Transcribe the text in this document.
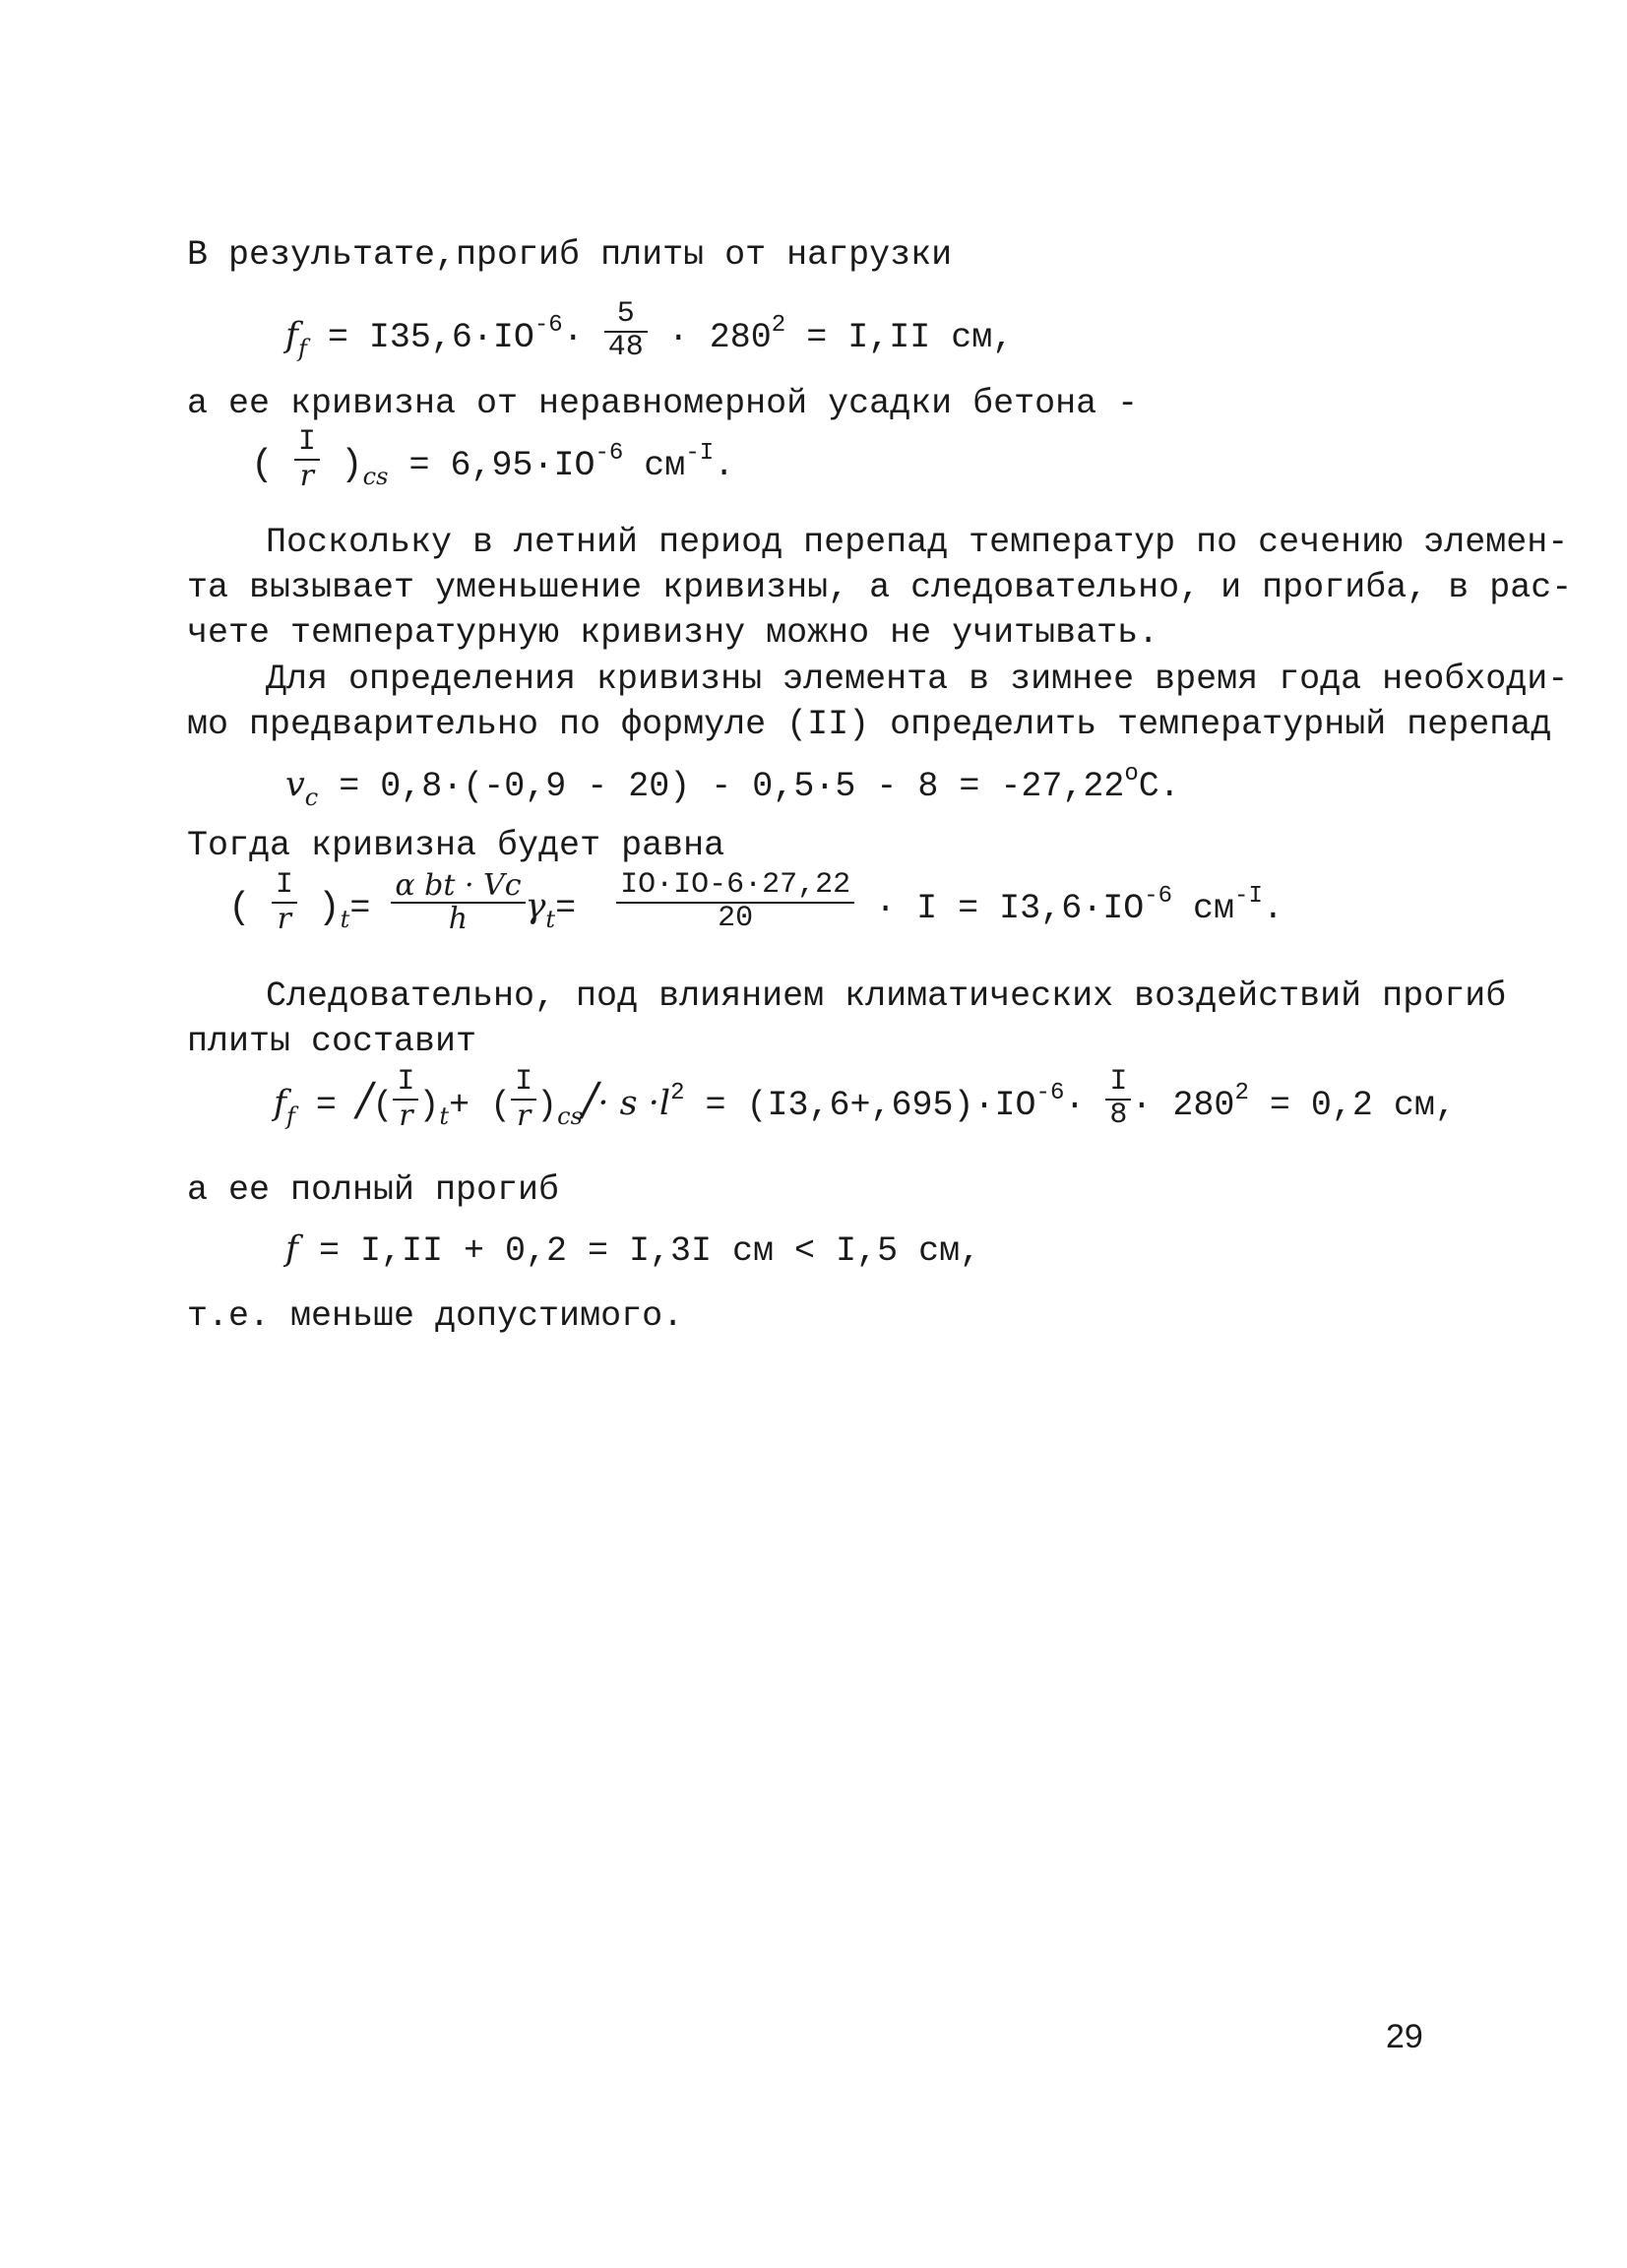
В результате,прогиб плиты от нагрузки
$f_f = I35,6\cdot IO^{-6}\cdot \frac{5}{48} \cdot 280^2 = I,II$ см,
а ее кривизна от неравномерной усадки бетона -
( $\frac{I}{r} )_{cs} = 6,95\cdot IO^{-6}$ $см^{-I}$.
Поскольку в летний период перепад температур по сечению элемен-
та вызывает уменьшение кривизны, а следовательно, и прогиба, в рас-
чете температурную кривизну можно не учитывать.
Для определения кривизны элемента в зимнее время года необходи-
мо предварительно по формуле (II) определить температурный перепад
$v_c = 0,8\cdot(-0,9 - 20) - 0,5\cdot 5 - 8 = -27,22^oC$.
Тогда кривизна будет равна
( $\frac{I}{r} )_t= \frac{\text{α bt · Vc}}{h} \gamma_t= \frac{IO\cdot IO-6\cdot 27,22}{20} \cdot I = I3,6\cdot IO^{-6}$ $см^{-I}$.
Следовательно, под влиянием климатических воздействий прогиб
плиты составит
$f_f$ = /( $\frac{I}{r} )_t+$ ( $\frac{I}{r} )_{cs}/\cdot s \cdot l^2 = (I3,6+,695)\cdot IO^{-6}\cdot \frac{I}{8} \cdot 280^2 = 0,2$ см,
а ее полный прогиб
f = I,II + 0,2 = I,3I см < I,5 см,
т.е. меньше допустимого.
29
